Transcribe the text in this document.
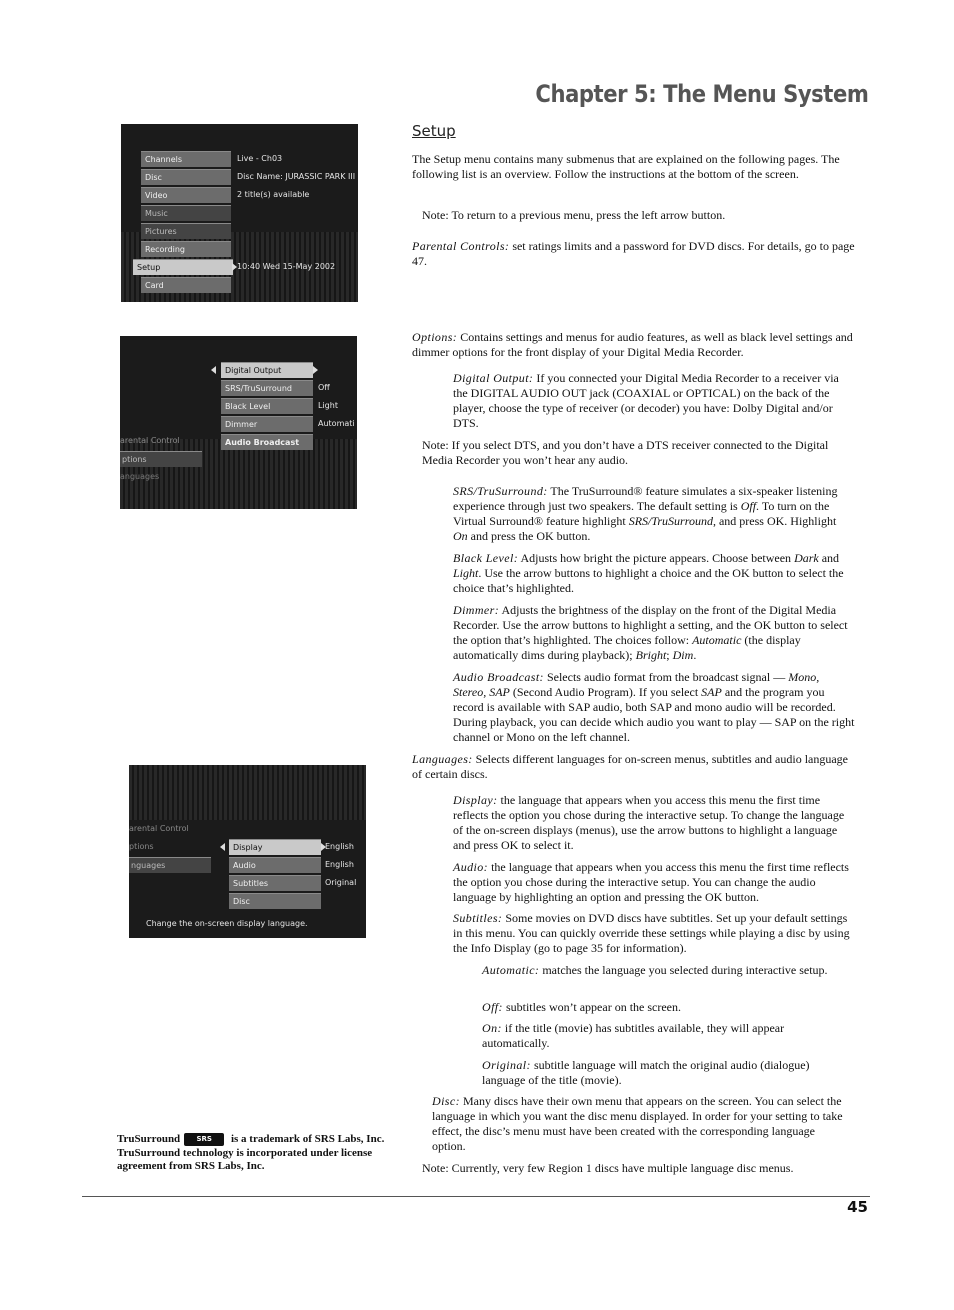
Chapter 5: The Menu System
Setup
Channels
Disc
Video
Music
Pictures
Recording
Setup
Card
Live - Ch03
Disc Name: JURASSIC PARK III
2 title(s) available
10:40 Wed 15-May 2002
arental Control
ptions
anguages
Digital Output
SRS/TruSurround
Black Level
Dimmer
Audio Broadcast
Off
Light
Automati
arental Control
ptions
nguages
Display
Audio
Subtitles
Disc
English
English
Original
Change the on-screen display language.

The Setup menu contains many submenus that are explained on the following pages. The following list is an overview. Follow the instructions at the bottom of the screen.

Note: To return to a previous menu, press the left arrow button.

Parental Controls: set ratings limits and a password for DVD discs. For details, go to page 47.

Options: Contains settings and menus for audio features, as well as black level settings and dimmer options for the front display of your Digital Media Recorder.

Digital Output: If you connected your Digital Media Recorder to a receiver via the DIGITAL AUDIO OUT jack (COAXIAL or OPTICAL) on the back of the player, choose the type of receiver (or decoder) you have: Dolby Digital and/or DTS.

Note: If you select DTS, and you don’t have a DTS receiver connected to the Digital Media Recorder you won’t hear any audio.

SRS/TruSurround: The TruSurround® feature simulates a six-speaker listening experience through just two speakers. The default setting is Off. To turn on the Virtual Surround® feature highlight SRS/TruSurround, and press OK. Highlight On and press the OK button.

Black Level: Adjusts how bright the picture appears. Choose between Dark and Light. Use the arrow buttons to highlight a choice and the OK button to select the choice that’s highlighted.

Dimmer: Adjusts the brightness of the display on the front of the Digital Media Recorder. Use the arrow buttons to highlight a setting, and the OK button to select the option that’s highlighted. The choices follow: Automatic (the display automatically dims during playback); Bright; Dim.

Audio Broadcast: Selects audio format from the broadcast signal — Mono, Stereo, SAP (Second Audio Program). If you select SAP and the program you record is available with SAP audio, both SAP and mono audio will be recorded. During playback, you can decide which audio you want to play — SAP on the right channel or Mono on the left channel.

Languages: Selects different languages for on-screen menus, subtitles and audio language of certain discs.

Display: the language that appears when you access this menu the first time reflects the option you chose during the interactive setup. To change the language of the on-screen displays (menus), use the arrow buttons to highlight a language and press OK to select it.

Audio: the language that appears when you access this menu the first time reflects the option you chose during the interactive setup. You can change the audio language by highlighting an option and pressing the OK button.

Subtitles: Some movies on DVD discs have subtitles. Set up your default settings in this menu. You can quickly override these settings while playing a disc by using the Info Display (go to page 35 for information).

Automatic: matches the language you selected during interactive setup.

Off: subtitles won’t appear on the screen.

On: if the title (movie) has subtitles available, they will appear automatically.

Original: subtitle language will match the original audio (dialogue) language of the title (movie).

Disc: Many discs have their own menu that appears on the screen. You can select the language in which you want the disc menu displayed. In order for your setting to take effect, the disc’s menu must have been created with the corresponding language option.

Note: Currently, very few Region 1 discs have multiple language disc menus.

TruSurround SRS is a trademark of SRS Labs, Inc. TruSurround technology is incorporated under license agreement from SRS Labs, Inc.
45
